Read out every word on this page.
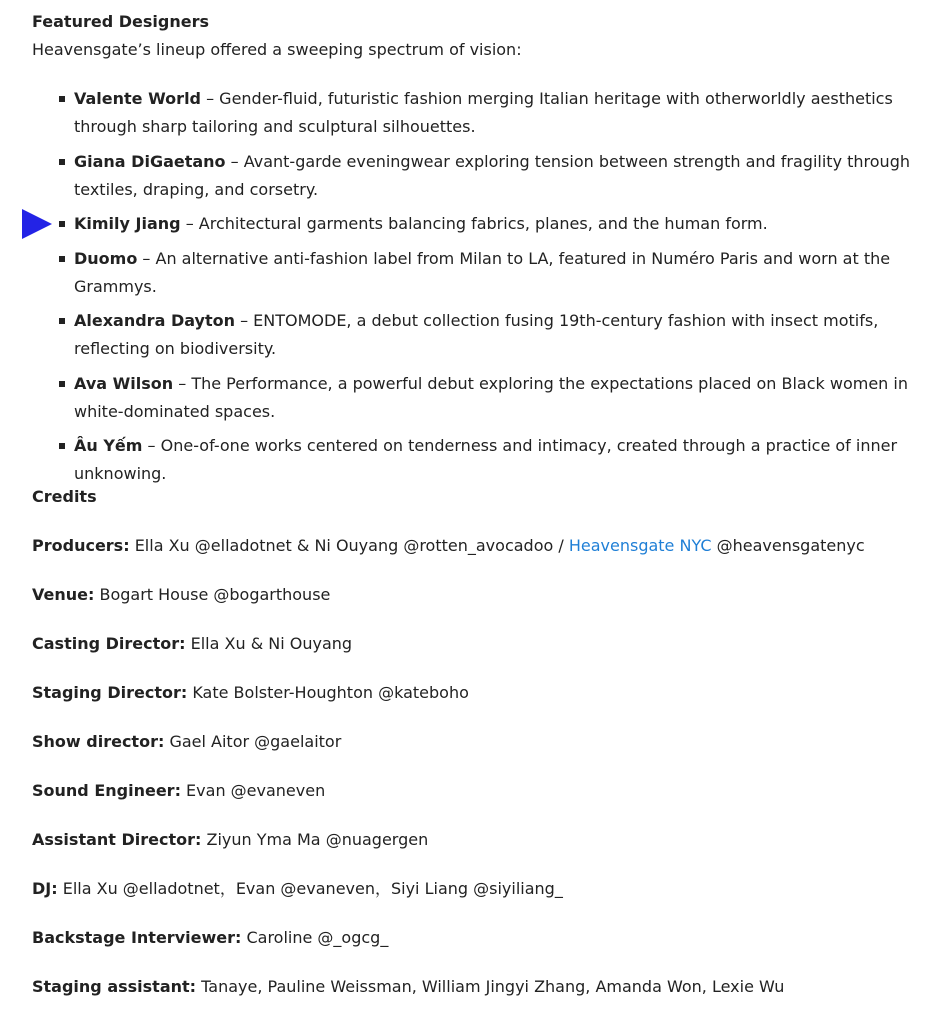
Featured Designers

Heavensgate’s lineup offered a sweeping spectrum of vision:

Valente World – Gender-fluid, futuristic fashion merging Italian heritage with otherworldly aesthetics through sharp tailoring and sculptural silhouettes.
Giana DiGaetano – Avant-garde eveningwear exploring tension between strength and fragility through textiles, draping, and corsetry.
Kimily Jiang – Architectural garments balancing fabrics, planes, and the human form.
Duomo – An alternative anti-fashion label from Milan to LA, featured in Numéro Paris and worn at the Grammys.
Alexandra Dayton – ENTOMODE, a debut collection fusing 19th-century fashion with insect motifs, reflecting on biodiversity.
Ava Wilson – The Performance, a powerful debut exploring the expectations placed on Black women in white-dominated spaces.
Âu Yếm – One-of-one works centered on tenderness and intimacy, created through a practice of inner unknowing.
Credits

Producers: Ella Xu @elladotnet & Ni Ouyang @rotten_avocadoo / Heavensgate NYC @heavensgatenyc

Venue: Bogart House @bogarthouse

Casting Director: Ella Xu & Ni Ouyang

Staging Director: Kate Bolster-Houghton @kateboho

Show director: Gael Aitor @gaelaitor

Sound Engineer: Evan @evaneven

Assistant Director: Ziyun Yma Ma @nuagergen

DJ: Ella Xu @elladotnet，Evan @evaneven，Siyi Liang @siyiliang_

Backstage Interviewer: Caroline @_ogcg_

Staging assistant: Tanaye, Pauline Weissman, William Jingyi Zhang, Amanda Won, Lexie Wu
